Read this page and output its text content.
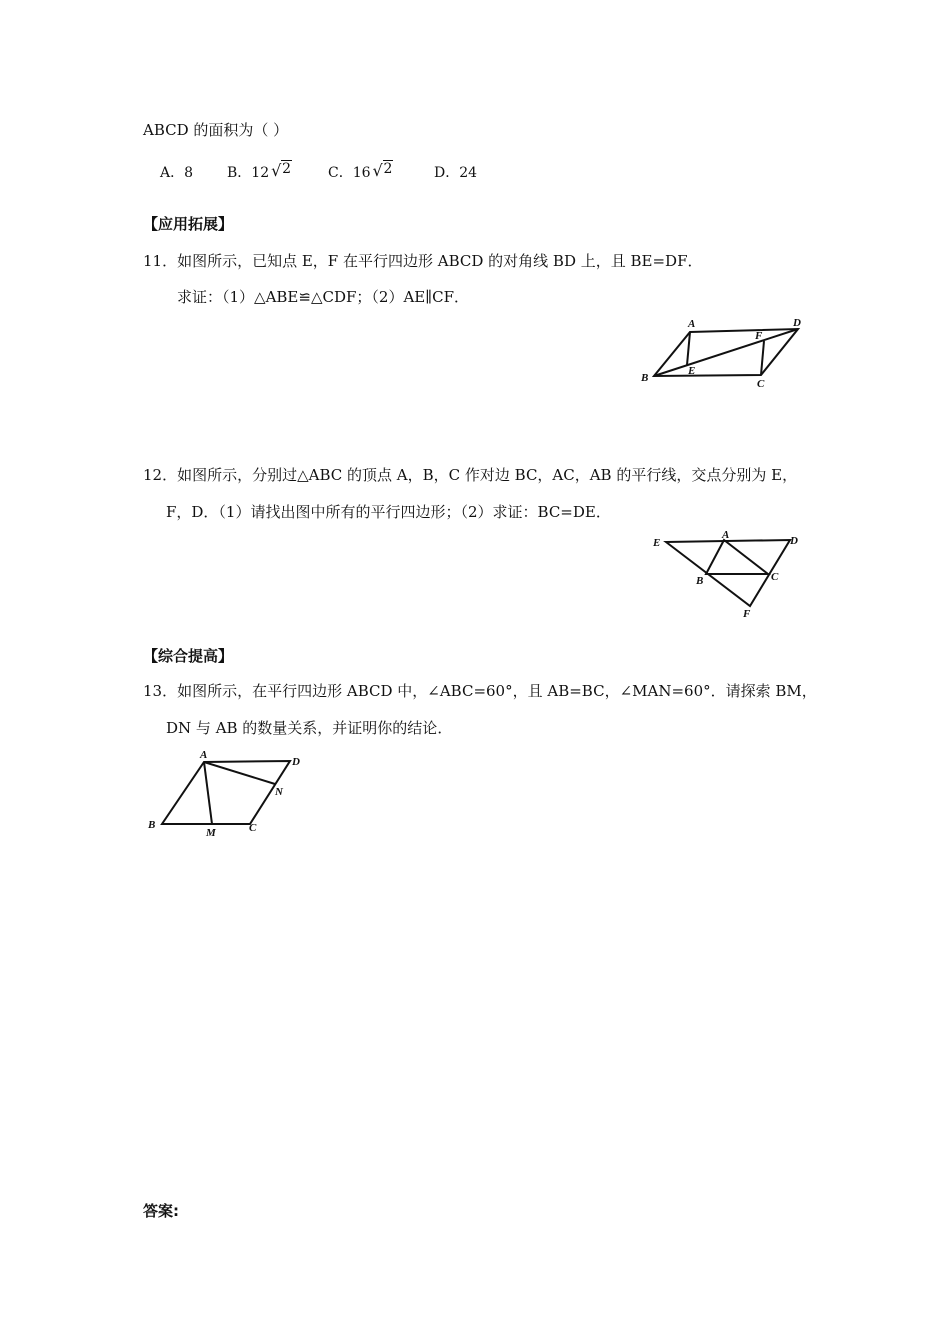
ABCD 的面积为（ ）
A．8 B．12 √ 2	C．16 √ 2	D．24
【应用拓展】
11．如图所示，已知点 E，F 在平行四边形 ABCD 的对角线 BD 上，且 BE=DF．
求证：（1）△ABE≌△CDF；（2）AE∥CF．
A	D
F
B
E
C
12．如图所示，分别过△ABC 的顶点 A，B，C 作对边 BC，AC，AB 的平行线，交点分别为 E，
F，D．（1）请找出图中所有的平行四边形；（2）求证：BC=DE．
E
A	D
B	C
F
【综合提高】
13．如图所示，在平行四边形 ABCD 中，∠ABC=60°，且 AB=BC，∠MAN=60°．请探索 BM，
DN 与 AB 的数量关系，并证明你的结论．
A
D
N
B
M	C
答案:
